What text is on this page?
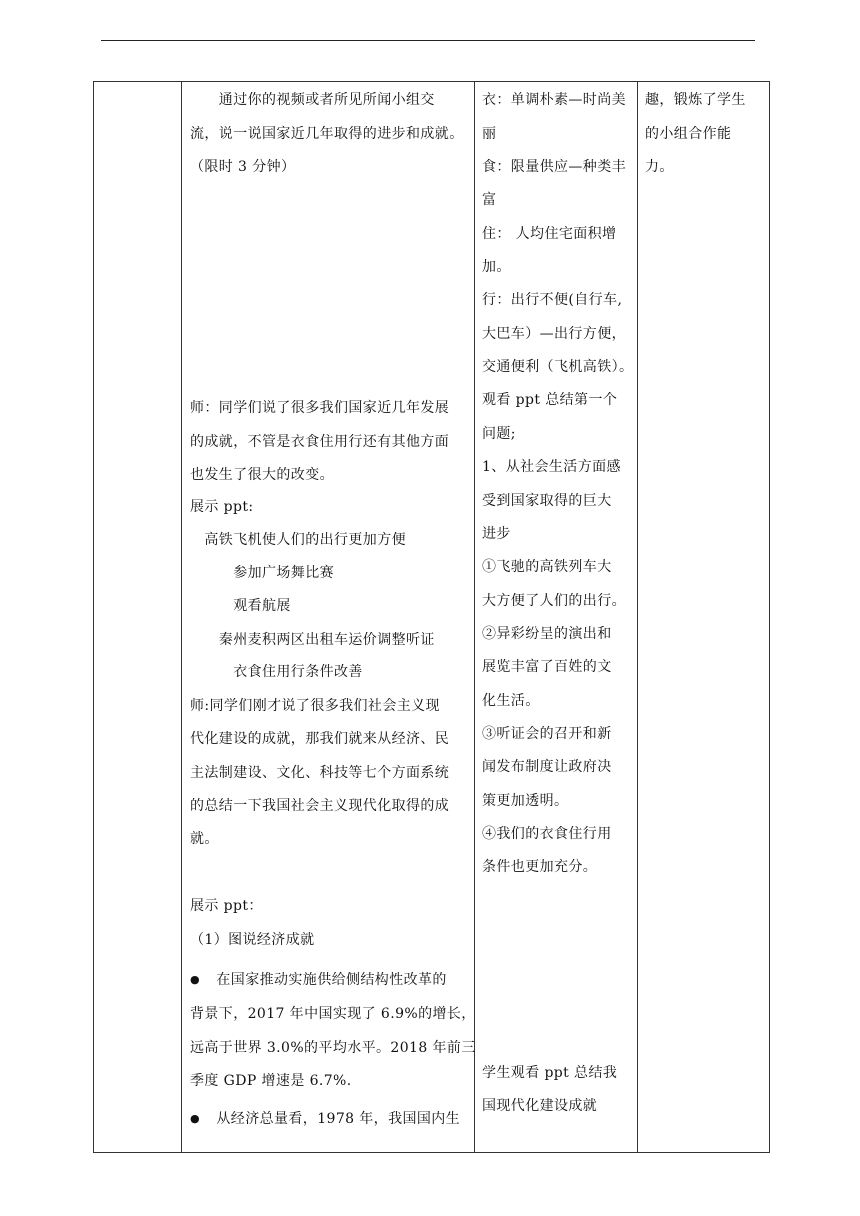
　　通过你的视频或者所见所闻小组交
流，说一说国家近几年取得的进步和成就。
（限时 3 分钟）
师：同学们说了很多我们国家近几年发展
的成就，不管是衣食住用行还有其他方面
也发生了很大的改变。
展示 ppt:
　高铁飞机使人们的出行更加方便
　　　参加广场舞比赛
　　　观看航展
　　秦州麦积两区出租车运价调整听证
　　　衣食住用行条件改善
师:同学们刚才说了很多我们社会主义现
代化建设的成就，那我们就来从经济、民
主法制建设、文化、科技等七个方面系统
的总结一下我国社会主义现代化取得的成
就。
展示 ppt：
（1）图说经济成就
●　在国家推动实施供给侧结构性改革的
背景下，2017 年中国实现了 6.9%的增长，
远高于世界 3.0%的平均水平。2018 年前三
季度 GDP 增速是 6.7%.
●　从经济总量看，1978 年，我国国内生

衣：单调朴素—时尚美
丽
食：限量供应—种类丰
富
住： 人均住宅面积增
加。
行：出行不便(自行车,
大巴车）—出行方便，
交通便利（飞机高铁）。
观看 ppt 总结第一个
问题;
1、从社会生活方面感
受到国家取得的巨大
进步
①飞驰的高铁列车大
大方便了人们的出行。
②异彩纷呈的演出和
展览丰富了百姓的文
化生活。
③听证会的召开和新
闻发布制度让政府决
策更加透明。
④我们的衣食住行用
条件也更加充分。
学生观看 ppt 总结我
国现代化建设成就

趣，锻炼了学生
的小组合作能
力。
